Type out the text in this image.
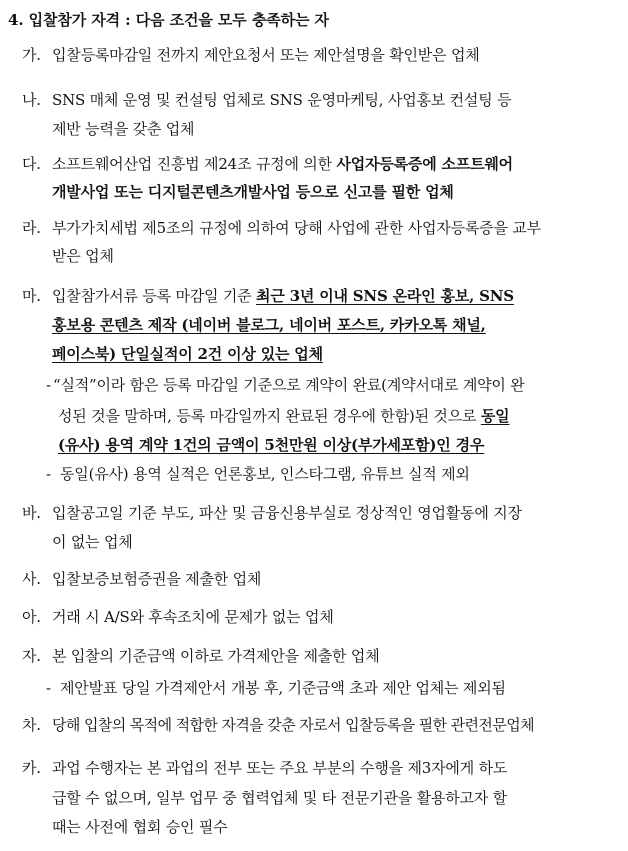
4. 입찰참가 자격 : 다음 조건을 모두 충족하는 자
가. 입찰등록마감일 전까지 제안요청서 또는 제안설명을 확인받은 업체
나. SNS 매체 운영 및 컨설팅 업체로 SNS 운영마케팅, 사업홍보 컨설팅 등
제반 능력을 갖춘 업체
다. 소프트웨어산업 진흥법 제24조 규정에 의한 사업자등록증에 소프트웨어
개발사업 또는 디지털콘텐츠개발사업 등으로 신고를 필한 업체
라. 부가가치세법 제5조의 규정에 의하여 당해 사업에 관한 사업자등록증을 교부
받은 업체
마. 입찰참가서류 등록 마감일 기준 최근 3년 이내 SNS 온라인 홍보, SNS
홍보용 콘텐츠 제작 (네이버 블로그, 네이버 포스트, 카카오톡 채널,
페이스북) 단일실적이 2건 이상 있는 업체
- “실적”이라 함은 등록 마감일 기준으로 계약이 완료(계약서대로 계약이 완
성된 것을 말하며, 등록 마감일까지 완료된 경우에 한함)된 것으로 동일
(유사) 용역 계약 1건의 금액이 5천만원 이상(부가세포함)인 경우
- 동일(유사) 용역 실적은 언론홍보, 인스타그램, 유튜브 실적 제외
바. 입찰공고일 기준 부도, 파산 및 금융신용부실로 정상적인 영업활동에 지장
이 없는 업체
사. 입찰보증보험증권을 제출한 업체
아. 거래 시 A/S와 후속조치에 문제가 없는 업체
자. 본 입찰의 기준금액 이하로 가격제안을 제출한 업체
- 제안발표 당일 가격제안서 개봉 후, 기준금액 초과 제안 업체는 제외됨
차. 당해 입찰의 목적에 적합한 자격을 갖춘 자로서 입찰등록을 필한 관련전문업체
카. 과업 수행자는 본 과업의 전부 또는 주요 부분의 수행을 제3자에게 하도
급할 수 없으며, 일부 업무 중 협력업체 및 타 전문기관을 활용하고자 할
때는 사전에 협회 승인 필수
